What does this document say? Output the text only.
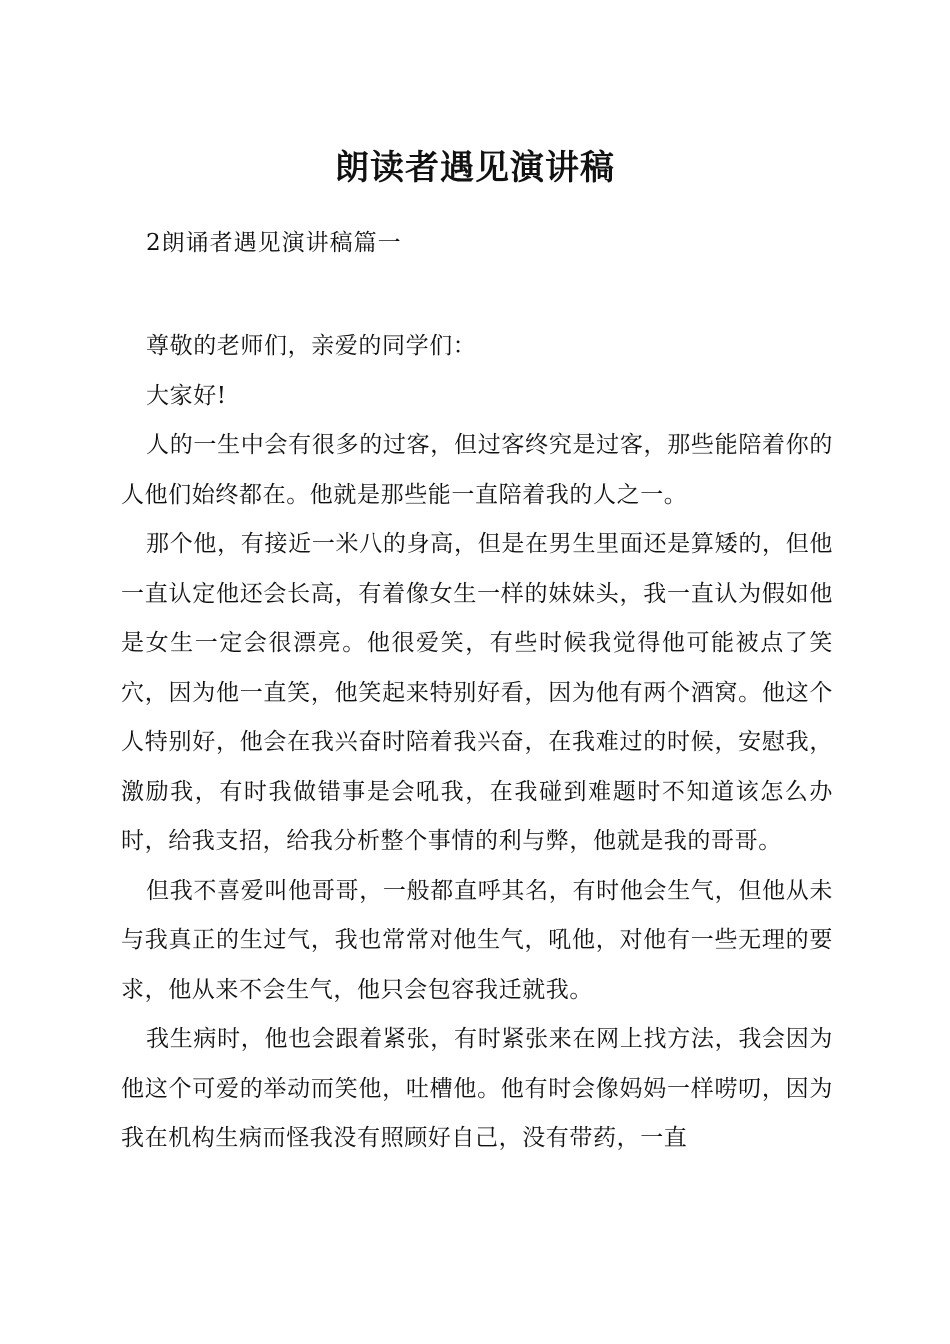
朗读者遇见演讲稿
2朗诵者遇见演讲稿篇一

尊敬的老师们，亲爱的同学们：

大家好!

人的一生中会有很多的过客，但过客终究是过客，那些能陪着你的人他们始终都在。他就是那些能一直陪着我的人之一。

那个他，有接近一米八的身高，但是在男生里面还是算矮的，但他一直认定他还会长高，有着像女生一样的妹妹头，我一直认为假如他是女生一定会很漂亮。他很爱笑，有些时候我觉得他可能被点了笑穴，因为他一直笑，他笑起来特别好看，因为他有两个酒窝。他这个人特别好，他会在我兴奋时陪着我兴奋，在我难过的时候，安慰我，激励我，有时我做错事是会吼我，在我碰到难题时不知道该怎么办时，给我支招，给我分析整个事情的利与弊，他就是我的哥哥。

但我不喜爱叫他哥哥，一般都直呼其名，有时他会生气，但他从未与我真正的生过气，我也常常对他生气，吼他，对他有一些无理的要求，他从来不会生气，他只会包容我迁就我。

我生病时，他也会跟着紧张，有时紧张来在网上找方法，我会因为他这个可爱的举动而笑他，吐槽他。他有时会像妈妈一样唠叨，因为我在机构生病而怪我没有照顾好自己，没有带药，一直
